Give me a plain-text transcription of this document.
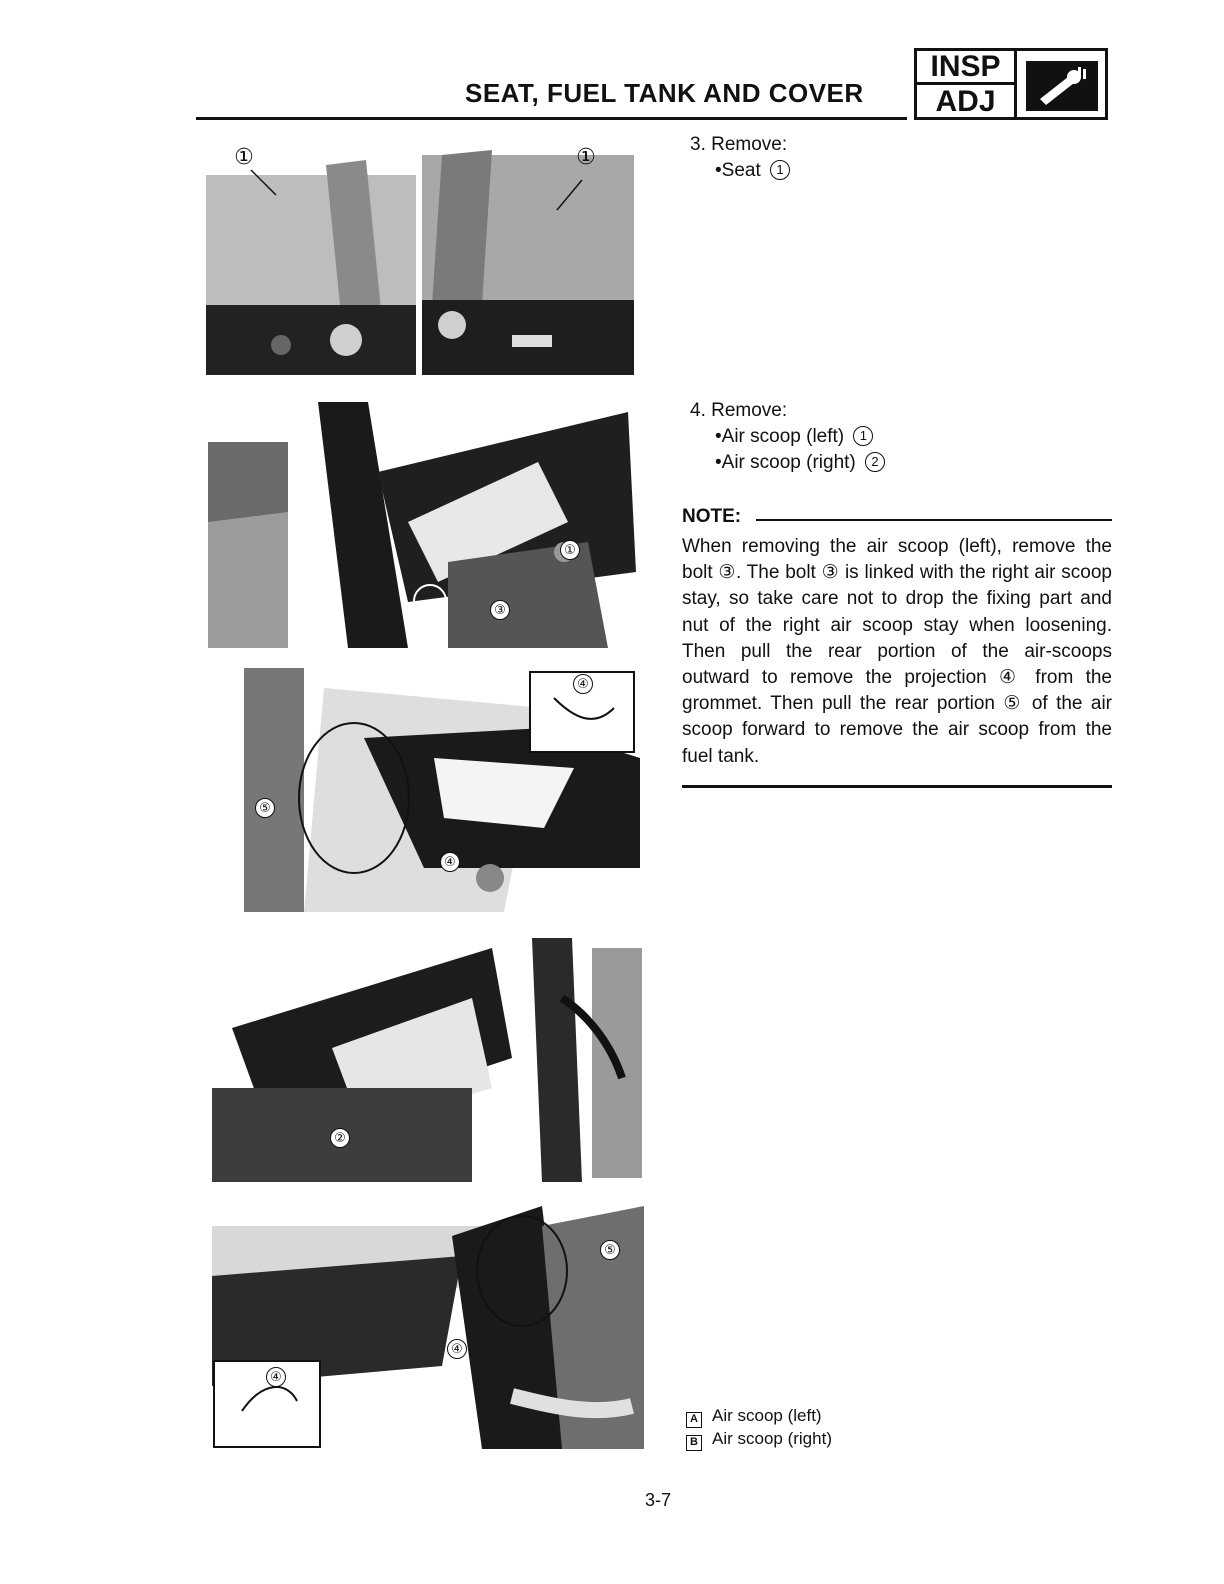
SEAT, FUEL TANK AND COVER
INSP
ADJ
①	①
①
③
④
⑤
④
②
⑤
④
④
3. Remove:
•Seat 1
4. Remove:
•Air scoop (left) 1
•Air scoop (right) 2
NOTE:
When removing the air scoop (left), remove the bolt ③. The bolt ③ is linked with the right air scoop stay, so take care not to drop the fixing part and nut of the right air scoop stay when loosening. Then pull the rear portion of the air-scoops outward to remove the projection ④ from the grommet. Then pull the rear portion ⑤ of the air scoop forward to remove the air scoop from the fuel tank.
A Air scoop (left)
B Air scoop (right)
3-7
